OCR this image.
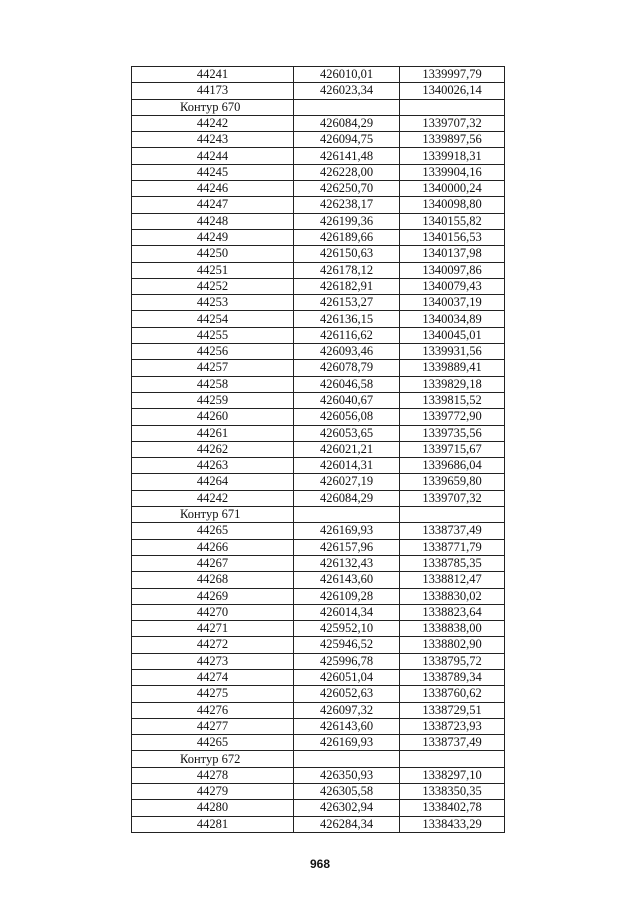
44241	426010,01	1339997,79
44173	426023,34	1340026,14
Контур 670		
44242	426084,29	1339707,32
44243	426094,75	1339897,56
44244	426141,48	1339918,31
44245	426228,00	1339904,16
44246	426250,70	1340000,24
44247	426238,17	1340098,80
44248	426199,36	1340155,82
44249	426189,66	1340156,53
44250	426150,63	1340137,98
44251	426178,12	1340097,86
44252	426182,91	1340079,43
44253	426153,27	1340037,19
44254	426136,15	1340034,89
44255	426116,62	1340045,01
44256	426093,46	1339931,56
44257	426078,79	1339889,41
44258	426046,58	1339829,18
44259	426040,67	1339815,52
44260	426056,08	1339772,90
44261	426053,65	1339735,56
44262	426021,21	1339715,67
44263	426014,31	1339686,04
44264	426027,19	1339659,80
44242	426084,29	1339707,32
Контур 671		
44265	426169,93	1338737,49
44266	426157,96	1338771,79
44267	426132,43	1338785,35
44268	426143,60	1338812,47
44269	426109,28	1338830,02
44270	426014,34	1338823,64
44271	425952,10	1338838,00
44272	425946,52	1338802,90
44273	425996,78	1338795,72
44274	426051,04	1338789,34
44275	426052,63	1338760,62
44276	426097,32	1338729,51
44277	426143,60	1338723,93
44265	426169,93	1338737,49
Контур 672		
44278	426350,93	1338297,10
44279	426305,58	1338350,35
44280	426302,94	1338402,78
44281	426284,34	1338433,29
968
